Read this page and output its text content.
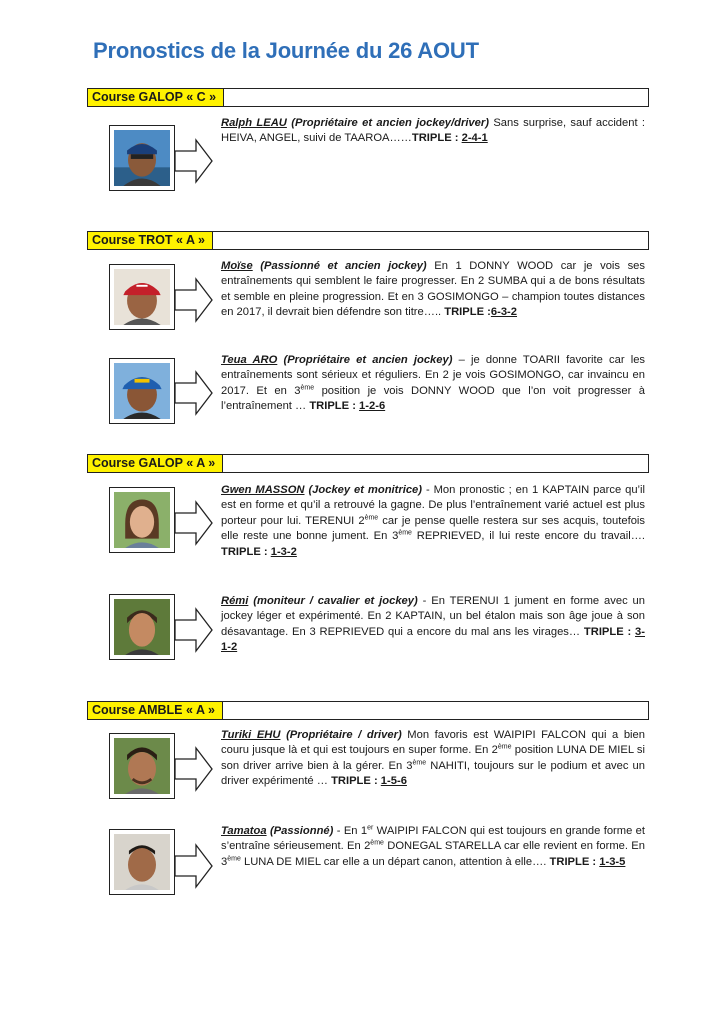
Pronostics de la Journée du 26 AOUT
Course GALOP « C »
Ralph LEAU (Propriétaire et ancien jockey/driver) Sans surprise, sauf accident : HEIVA, ANGEL, suivi de TAAROA……TRIPLE : 2-4-1
Course TROT « A »
Moïse (Passionné et ancien jockey) En 1 DONNY WOOD car je vois ses entraînements qui semblent le faire progresser. En 2 SUMBA qui a de bons résultats et semble en pleine progression. Et en 3 GOSIMONGO – champion toutes distances en 2017, il devrait bien défendre son titre….. TRIPLE :6-3-2
Teua ARO (Propriétaire et ancien jockey) – je donne TOARII favorite car les entraînements sont sérieux et réguliers. En 2 je vois GOSIMONGO, car invaincu en 2017. Et en 3ème position je vois DONNY WOOD que l’on voit progresser à l’entraînement … TRIPLE : 1-2-6
Course GALOP « A »
Gwen MASSON (Jockey et monitrice) - Mon pronostic ; en 1 KAPTAIN parce qu’il est en forme et qu’il a retrouvé la gagne. De plus l’entraînement varié actuel est plus porteur pour lui. TERENUI 2ème car je pense quelle restera sur ses acquis, toutefois elle reste une bonne jument. En 3ème REPRIEVED, il lui reste encore du travail…. TRIPLE : 1-3-2
Rémi (moniteur / cavalier et jockey) - En TERENUI 1 jument en forme avec un jockey léger et expérimenté. En 2 KAPTAIN, un bel étalon mais son âge joue à son désavantage. En 3 REPRIEVED qui a encore du mal ans les virages… TRIPLE : 3-1-2
Course AMBLE « A »
Turiki EHU (Propriétaire / driver) Mon favoris est WAIPIPI FALCON qui a bien couru jusque là et qui est toujours en super forme. En 2ème position LUNA DE MIEL si son driver arrive bien à la gérer. En 3ème NAHITI, toujours sur le podium et avec un driver expérimenté … TRIPLE : 1-5-6
Tamatoa (Passionné) - En 1er WAIPIPI FALCON qui est toujours en grande forme et s’entraîne sérieusement. En 2ème DONEGAL STARELLA car elle revient en forme. En 3ème LUNA DE MIEL car elle a un départ canon, attention à elle…. TRIPLE : 1-3-5
